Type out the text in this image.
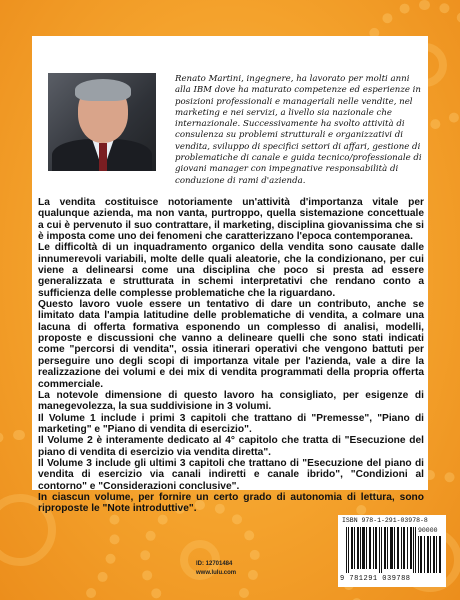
Renato Martini, ingegnere, ha lavorato per molti anni alla IBM dove ha maturato competenze ed esperienze in posizioni professionali e manageriali nelle vendite, nel marketing e nei servizi, a livello sia nazionale che internazionale. Successivamente ha svolto attività di consulenza su problemi strutturali e organizzativi di vendita, sviluppo di specifici settori di affari, gestione di problematiche di canale e guida tecnico/professionale di giovani manager con impegnative responsabilità di conduzione di rami d'azienda.

La vendita costituisce notoriamente un'attività d'importanza vitale per qualunque azienda, ma non vanta, purtroppo, quella sistemazione concettuale a cui è pervenuto il suo contrattare, il marketing, disciplina giovanissima che si è imposta come uno dei fenomeni che caratterizzano l'epoca contemporanea.

Le difficoltà di un inquadramento organico della vendita sono causate dalle innumerevoli variabili, molte delle quali aleatorie, che la condizionano, per cui viene a delinearsi come una disciplina che poco si presta ad essere generalizzata e strutturata in schemi interpretativi che rendano conto a sufficienza delle complesse problematiche che la riguardano.

Questo lavoro vuole essere un tentativo di dare un contributo, anche se limitato data l'ampia latitudine delle problematiche di vendita, a colmare una lacuna di offerta formativa esponendo un complesso di analisi, modelli, proposte e discussioni che vanno a delineare quelli che sono stati indicati come "percorsi di vendita", ossia itinerari operativi che vengono battuti per perseguire uno degli scopi di importanza vitale per l'azienda, vale a dire la realizzazione dei volumi e dei mix di vendita programmati della propria offerta commerciale.

La notevole dimensione di questo lavoro ha consigliato, per esigenze di manegevolezza, la sua suddivisione in 3 volumi.

Il Volume 1 include i primi 3 capitoli che trattano di "Premesse", "Piano di marketing" e "Piano di vendita di esercizio".

Il Volume 2 è interamente dedicato al 4° capitolo che tratta di "Esecuzione del piano di vendita di esercizio via vendita diretta".

Il Volume 3 include gli ultimi 3 capitoli che trattano di "Esecuzione del piano di vendita di esercizio via canali indiretti e canale ibrido", "Condizioni al contorno" e "Considerazioni conclusive".

In ciascun volume, per fornire un certo grado di autonomia di lettura, sono riproposte le "Note introduttive".

ID: 12701484
www.lulu.com
ISBN 978-1-291-03978-8
90000
9 781291 039788
